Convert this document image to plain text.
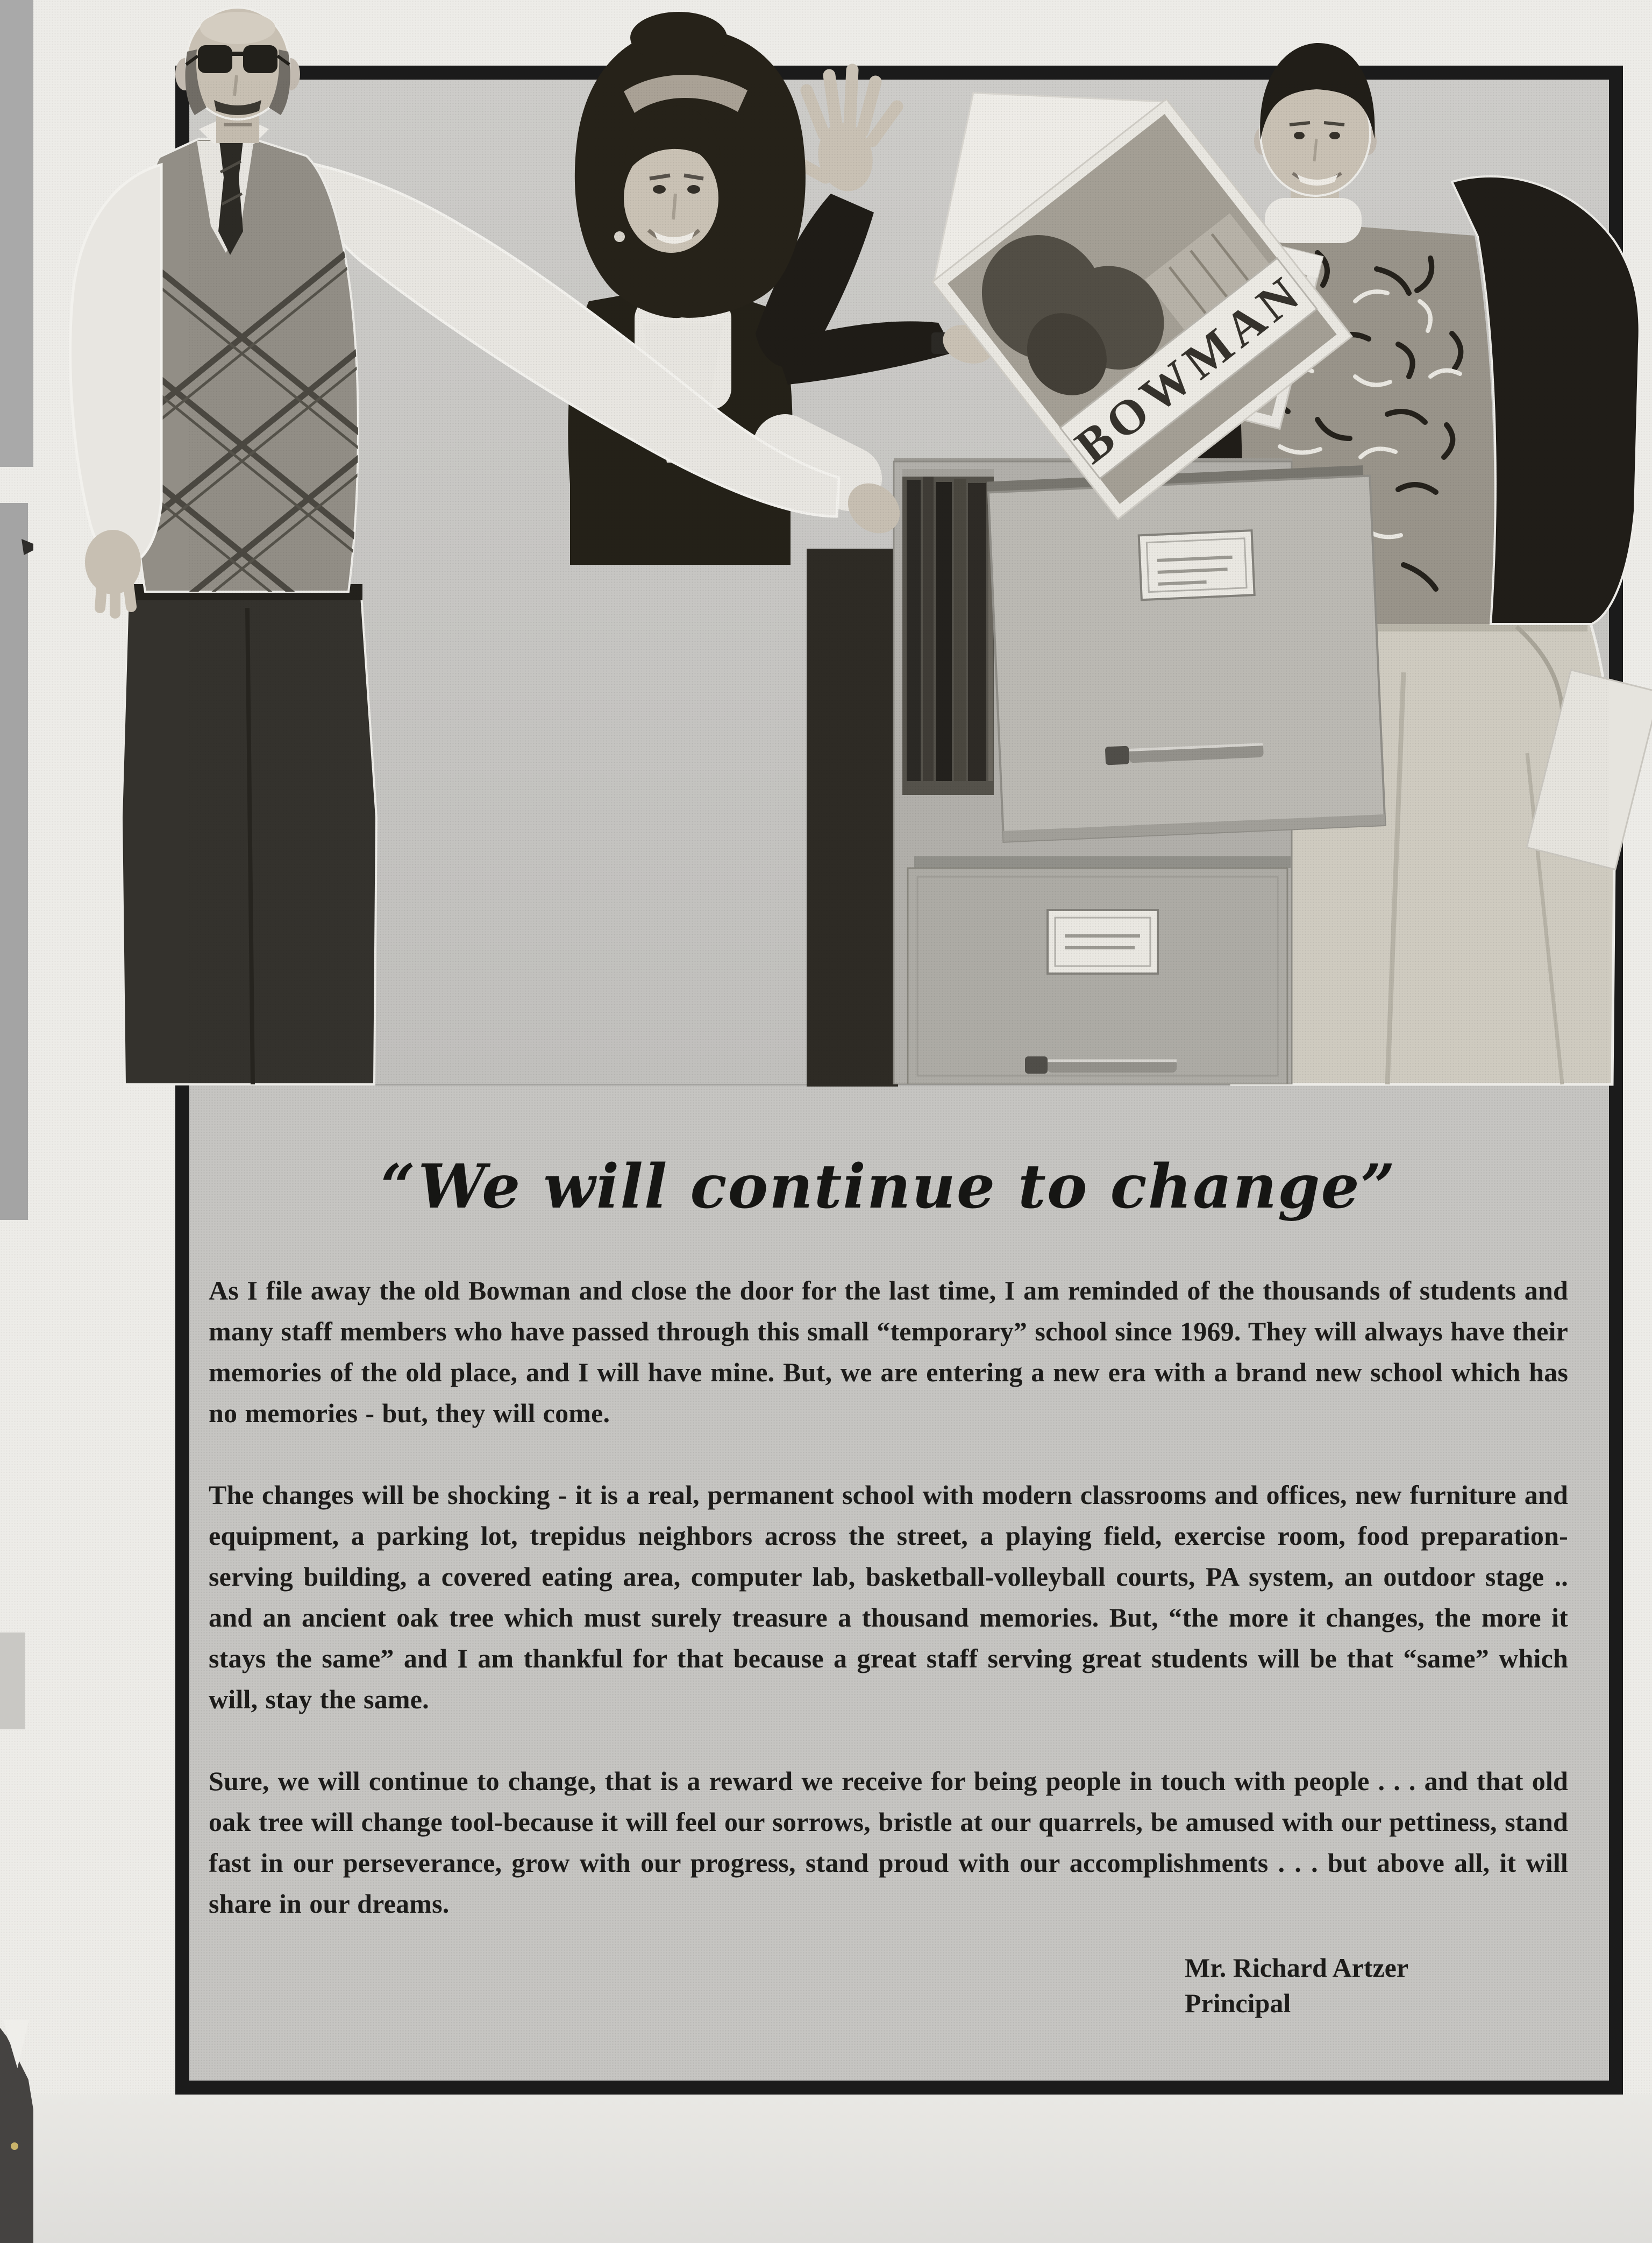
“We will continue to change”

As I file away the old Bowman and close the door for the last time, I am reminded of the thousands of students and many staff members who have passed through this small “temporary” school since 1969. They will always have their memories of the old place, and I will have mine. But, we are entering a new era with a brand new school which has no memories - but, they will come.

The changes will be shocking - it is a real, permanent school with modern classrooms and offices, new furniture and equipment, a parking lot, trepidus neighbors across the street, a playing field, exercise room, food preparation-serving building, a covered eating area, computer lab, basketball-volleyball courts, PA system, an outdoor stage .. and an ancient oak tree which must surely treasure a thousand memories. But, “the more it changes, the more it stays the same” and I am thankful for that because a great staff serving great students will be that “same” which will, stay the same.

Sure, we will continue to change, that is a reward we receive for being people in touch with people . . . and that old oak tree will change tool-because it will feel our sorrows, bristle at our quarrels, be amused with our pettiness, stand fast in our perseverance, grow with our progress, stand proud with our accomplishments . . . but above all, it will share in our dreams.

Mr. Richard Artzer
Principal
